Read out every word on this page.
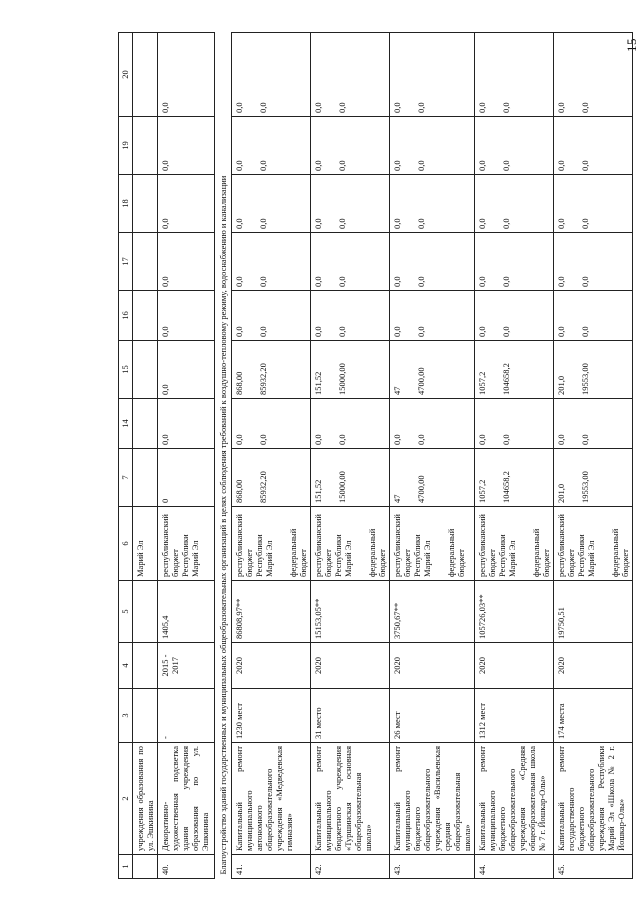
15
1	2	3	4	5	6	7	14	15	16	17	18	19	20
	учреждения образования по ул. Эшкинина				Марий Эл								

40.	Декоративно-художественная подсветка здания учреждения образования по ул. Эшкинина	-	2015 - 2017	1405,4	республиканский бюджет Республики Марий Эл	0	0,0	0,0	0,0	0,0	0,0	0,0	0,0

Благоустройство зданий государственных и муниципальных общеобразовательных организаций в целях соблюдения требований к воздушно-тепловому режиму, водоснабжению и канализации													
41.	Капитальный ремонт муниципального автономного общеобразовательного учреждения «Медведевская гимназия»	1230 мест	2020	86808,97**	республиканский бюджет Республики Марий Эл федеральный бюджет	868,00 85932,20	0,0 0,0	868,00 85932,20	0,0 0,0	0,0 0,0	0,0 0,0	0,0 0,0	0,0 0,0

42.	Капитальный ремонт муниципального бюджетного учреждения «Туршинская основная общеобразовательная школа»	31 место	2020	15153,05**	республиканский бюджет Республики Марий Эл федеральный бюджет	151,52 15000,00	0,0 0,0	151,52 15000,00	0,0 0,0	0,0 0,0	0,0 0,0	0,0 0,0	0,0 0,0

43.	Капитальный ремонт муниципального бюджетного общеобразовательного учреждения «Васильевская средняя общеобразовательная школа»	26 мест	2020	3750,67**	республиканский бюджет Республики Марий Эл федеральный бюджет	47 4700,00	0,0 0,0	47 4700,00	0,0 0,0	0,0 0,0	0,0 0,0	0,0 0,0	0,0 0,0

44.	Капитальный ремонт муниципального бюджетного общеобразовательного учреждения «Средняя общеобразовательная школа № 7 г. Йошкар-Олы»	1312 мест	2020	105726,03**	республиканский бюджет Республики Марий Эл федеральный бюджет	1057,2 104658,2	0,0 0,0	1057,2 104658,2	0,0 0,0	0,0 0,0	0,0 0,0	0,0 0,0	0,0 0,0

45.	Капитальный ремонт государственного бюджетного общеобразовательного учреждения Республики Марий Эл «Школа № 2 г. Йошкар-Олы»	174 места	2020	19750,51	республиканский бюджет Республики Марий Эл федеральный бюджет	201,0 19553,00	0,0 0,0	201,0 19553,00	0,0 0,0	0,0 0,0	0,0 0,0	0,0 0,0	0,0 0,0
